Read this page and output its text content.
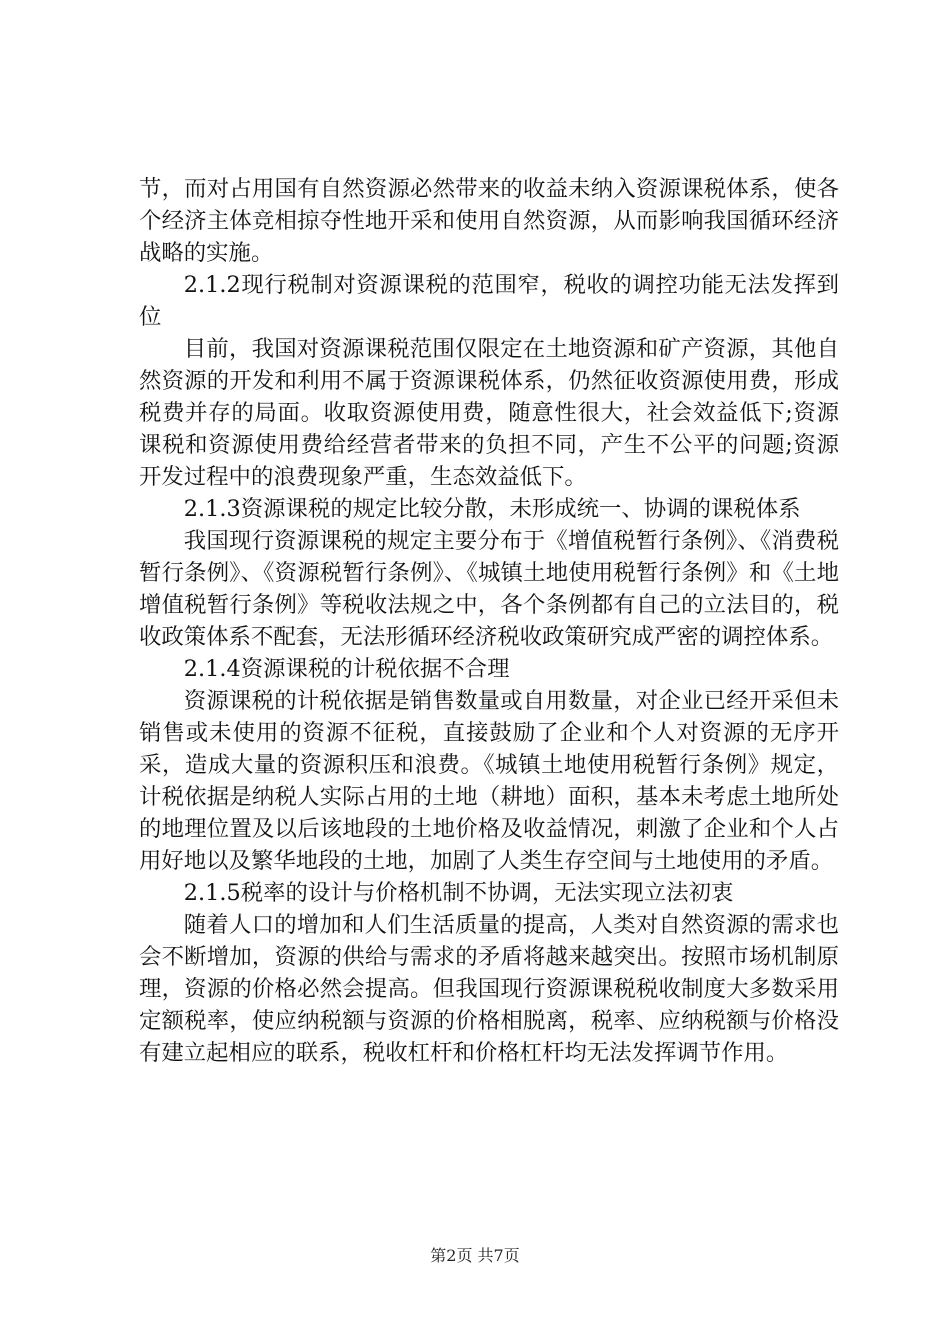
节，而对占用国有自然资源必然带来的收益未纳入资源课税体系，使各个经济主体竞相掠夺性地开采和使用自然资源，从而影响我国循环经济战略的实施。

2.1.2现行税制对资源课税的范围窄，税收的调控功能无法发挥到位

目前，我国对资源课税范围仅限定在土地资源和矿产资源，其他自然资源的开发和利用不属于资源课税体系，仍然征收资源使用费，形成税费并存的局面。收取资源使用费，随意性很大，社会效益低下;资源课税和资源使用费给经营者带来的负担不同，产生不公平的问题;资源开发过程中的浪费现象严重，生态效益低下。

2.1.3资源课税的规定比较分散，未形成统一、协调的课税体系

我国现行资源课税的规定主要分布于《增值税暂行条例》、《消费税暂行条例》、《资源税暂行条例》、《城镇土地使用税暂行条例》和《土地增值税暂行条例》等税收法规之中，各个条例都有自己的立法目的，税收政策体系不配套，无法形循环经济税收政策研究成严密的调控体系。

2.1.4资源课税的计税依据不合理

资源课税的计税依据是销售数量或自用数量，对企业已经开采但未销售或未使用的资源不征税，直接鼓励了企业和个人对资源的无序开采，造成大量的资源积压和浪费。《城镇土地使用税暂行条例》规定，计税依据是纳税人实际占用的土地（耕地）面积，基本未考虑土地所处的地理位置及以后该地段的土地价格及收益情况，刺激了企业和个人占用好地以及繁华地段的土地，加剧了人类生存空间与土地使用的矛盾。

2.1.5税率的设计与价格机制不协调，无法实现立法初衷

随着人口的增加和人们生活质量的提高，人类对自然资源的需求也会不断增加，资源的供给与需求的矛盾将越来越突出。按照市场机制原理，资源的价格必然会提高。但我国现行资源课税税收制度大多数采用定额税率，使应纳税额与资源的价格相脱离，税率、应纳税额与价格没有建立起相应的联系，税收杠杆和价格杠杆均无法发挥调节作用。

第2页 共7页
